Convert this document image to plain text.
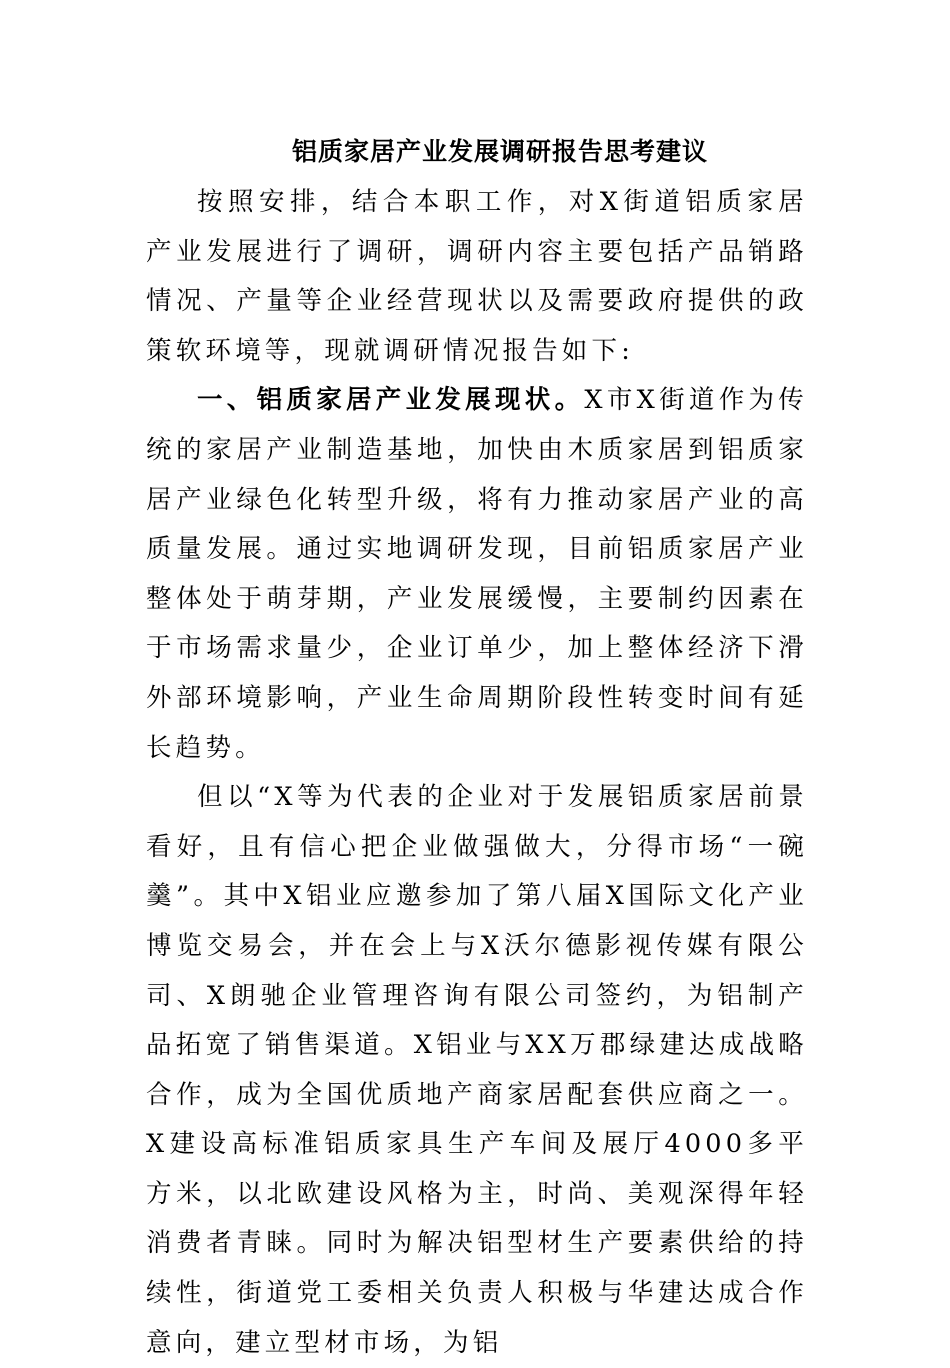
铝质家居产业发展调研报告思考建议

按照安排，结合本职工作，对X街道铝质家居产业发展进行了调研，调研内容主要包括产品销路情况、产量等企业经营现状以及需要政府提供的政策软环境等，现就调研情况报告如下:

一、铝质家居产业发展现状。X市X街道作为传统的家居产业制造基地，加快由木质家居到铝质家居产业绿色化转型升级，将有力推动家居产业的高质量发展。通过实地调研发现，目前铝质家居产业整体处于萌芽期，产业发展缓慢，主要制约因素在于市场需求量少，企业订单少，加上整体经济下滑外部环境影响，产业生命周期阶段性转变时间有延长趋势。

但以“X等为代表的企业对于发展铝质家居前景看好，且有信心把企业做强做大，分得市场“一碗羹”。其中X铝业应邀参加了第八届X国际文化产业博览交易会，并在会上与X沃尔德影视传媒有限公司、X朗驰企业管理咨询有限公司签约，为铝制产品拓宽了销售渠道。X铝业与XX万郡绿建达成战略合作，成为全国优质地产商家居配套供应商之一。X建设高标准铝质家具生产车间及展厅4000多平方米，以北欧建设风格为主，时尚、美观深得年轻消费者青睐。同时为解决铝型材生产要素供给的持续性，街道党工委相关负责人积极与华建达成合作意向，建立型材市场，为铝
